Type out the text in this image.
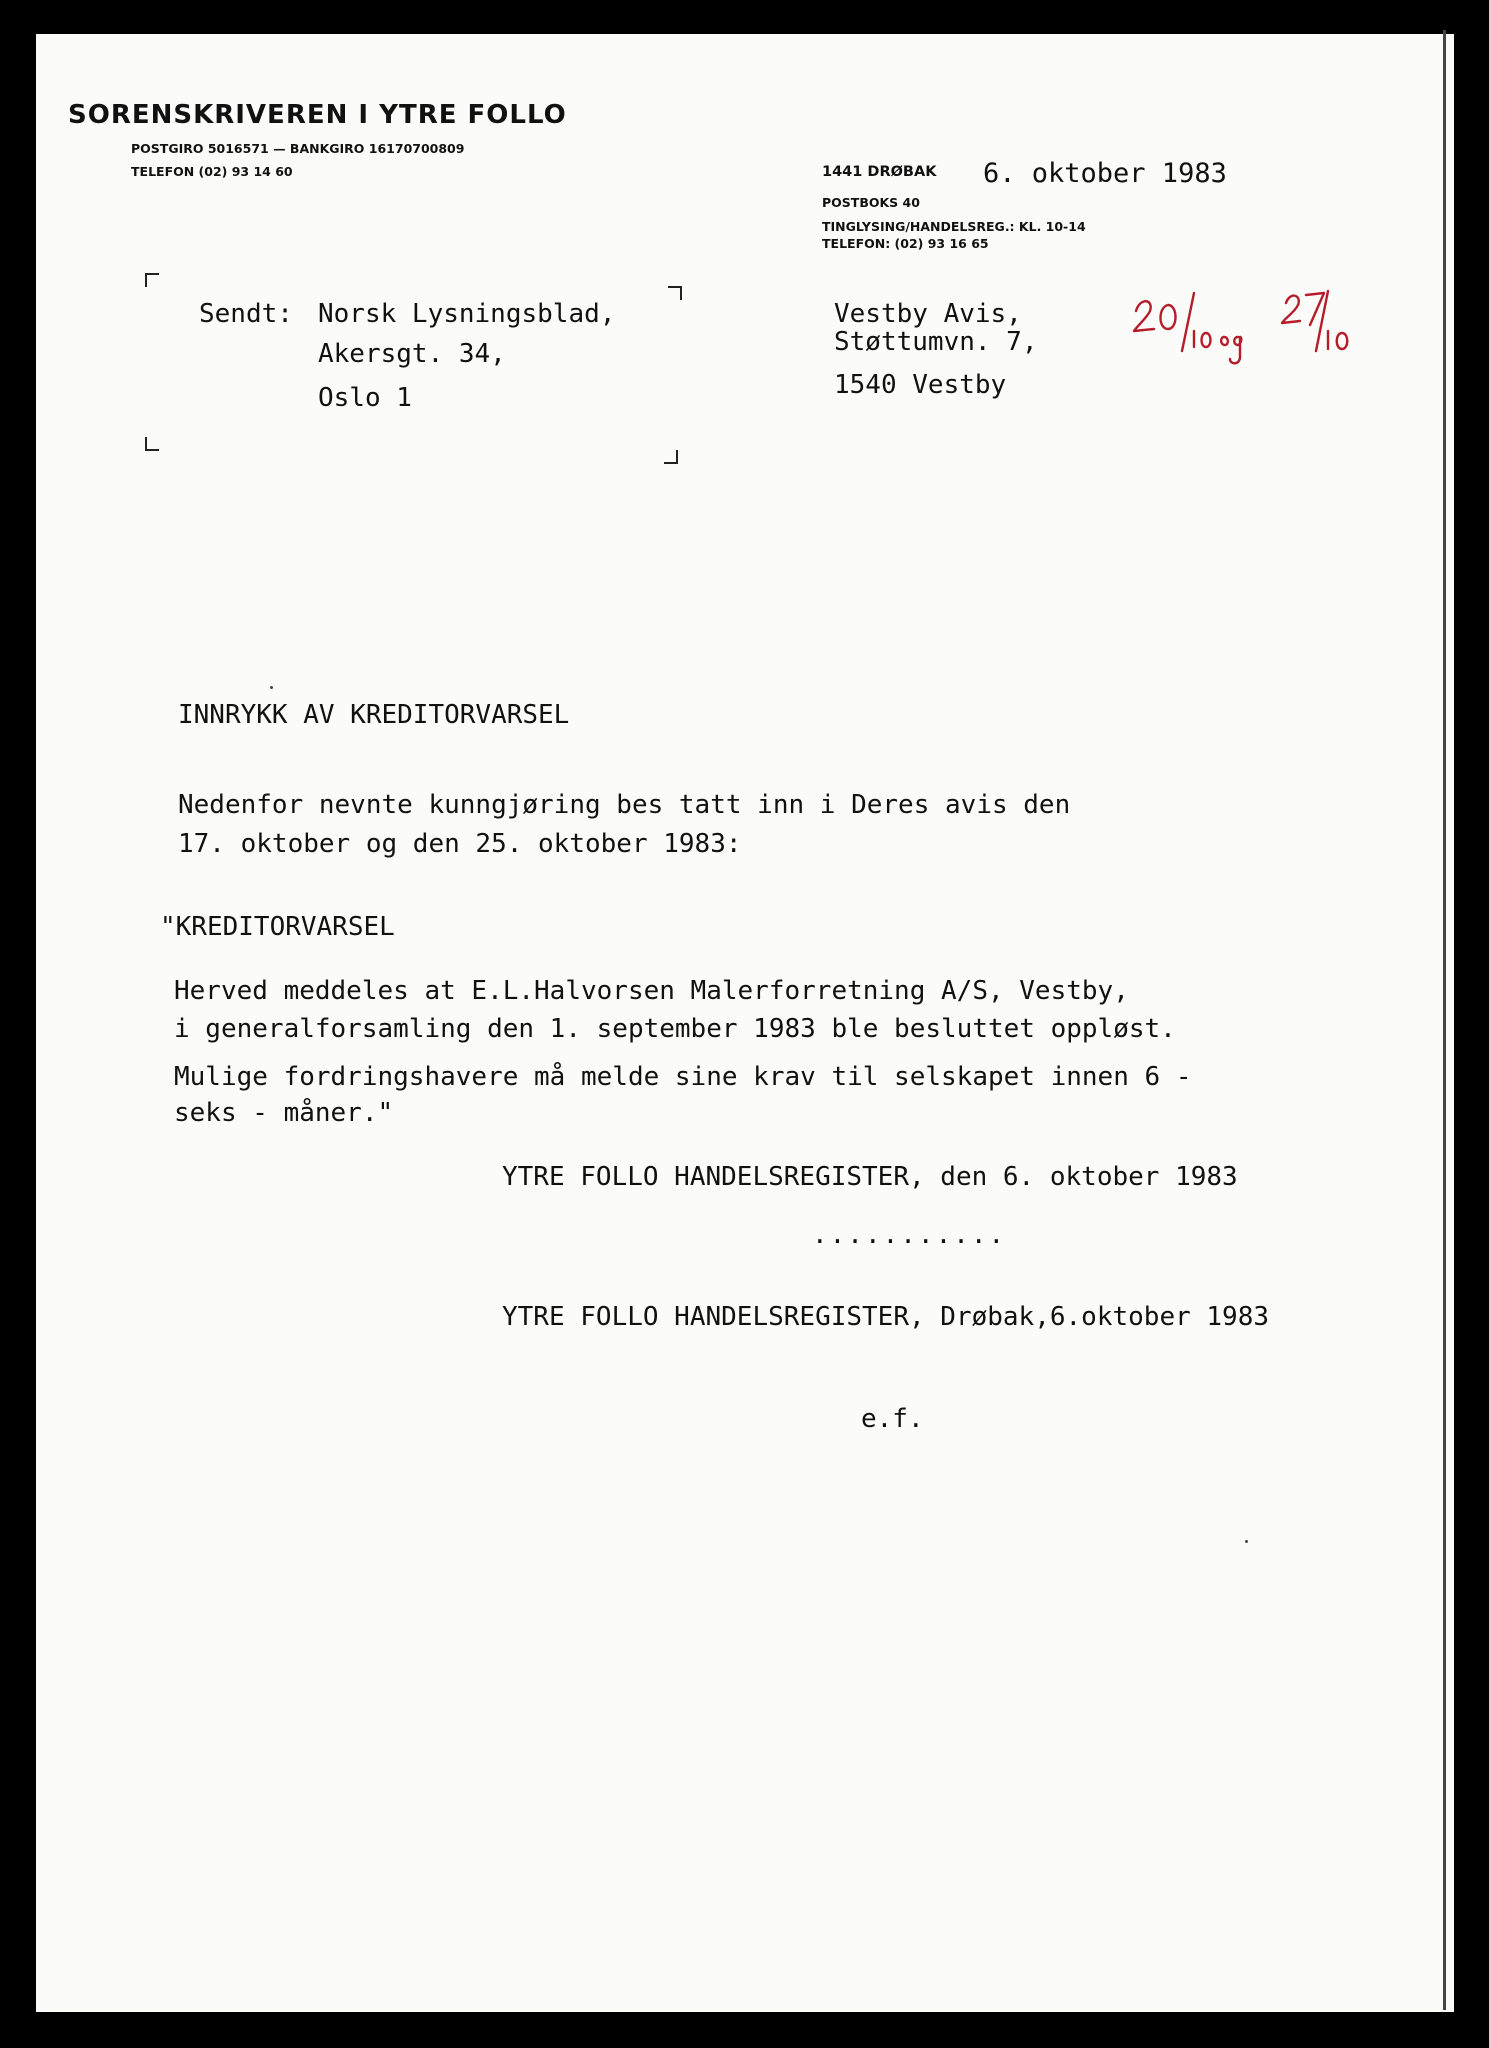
SORENSKRIVEREN I YTRE FOLLO
POSTGIRO 5016571 — BANKGIRO 16170700809
TELEFON (02) 93 14 60	1441 DRØBAK 6. oktober 1983
POSTBOKS 40
TINGLYSING/HANDELSREG.: KL. 10-14
TELEFON: (02) 93 16 65
Sendt: Norsk Lysningsblad,
Akersgt. 34,
Oslo 1
Vestby Avis,
Støttumvn. 7,
1540 Vestby
INNRYKK AV KREDITORVARSEL
Nedenfor nevnte kunngjøring bes tatt inn i Deres avis den
17. oktober og den 25. oktober 1983:
"KREDITORVARSEL
Herved meddeles at E.L.Halvorsen Malerforretning A/S, Vestby,
i generalforsamling den 1. september 1983 ble besluttet oppløst.
Mulige fordringshavere må melde sine krav til selskapet innen 6 -
seks - måner."
YTRE FOLLO HANDELSREGISTER, den 6. oktober 1983
...........
YTRE FOLLO HANDELSREGISTER, Drøbak,6.oktober 1983
e.f.
